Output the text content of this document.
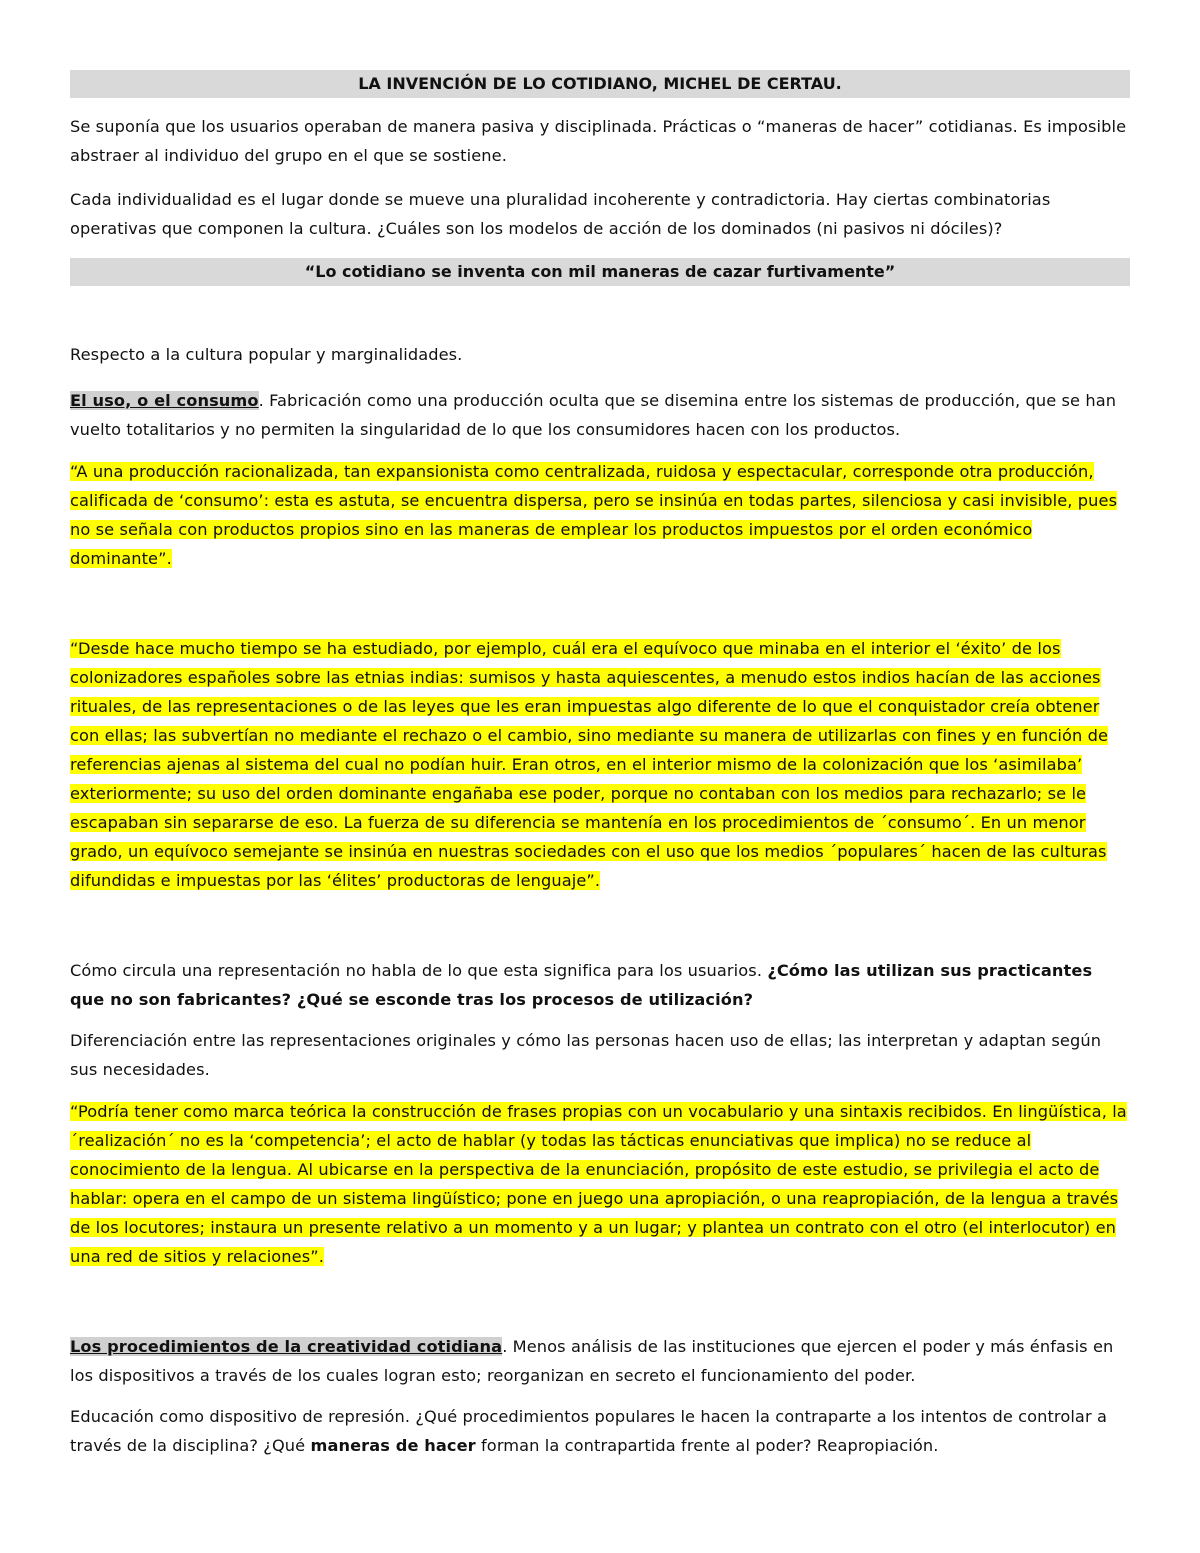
LA INVENCIÓN DE LO COTIDIANO, MICHEL DE CERTAU.

Se suponía que los usuarios operaban de manera pasiva y disciplinada. Prácticas o “maneras de hacer” cotidianas. Es imposible abstraer al individuo del grupo en el que se sostiene.

Cada individualidad es el lugar donde se mueve una pluralidad incoherente y contradictoria. Hay ciertas combinatorias operativas que componen la cultura. ¿Cuáles son los modelos de acción de los dominados (ni pasivos ni dóciles)?

“Lo cotidiano se inventa con mil maneras de cazar furtivamente”

Respecto a la cultura popular y marginalidades.

El uso, o el consumo. Fabricación como una producción oculta que se disemina entre los sistemas de producción, que se han vuelto totalitarios y no permiten la singularidad de lo que los consumidores hacen con los productos.

“A una producción racionalizada, tan expansionista como centralizada, ruidosa y espectacular, corresponde otra producción, calificada de ‘consumo’: esta es astuta, se encuentra dispersa, pero se insinúa en todas partes, silenciosa y casi invisible, pues no se señala con productos propios sino en las maneras de emplear los productos impuestos por el orden económico dominante”.

“Desde hace mucho tiempo se ha estudiado, por ejemplo, cuál era el equívoco que minaba en el interior el ‘éxito’ de los colonizadores españoles sobre las etnias indias: sumisos y hasta aquiescentes, a menudo estos indios hacían de las acciones rituales, de las representaciones o de las leyes que les eran impuestas algo diferente de lo que el conquistador creía obtener con ellas; las subvertían no mediante el rechazo o el cambio, sino mediante su manera de utilizarlas con fines y en función de referencias ajenas al sistema del cual no podían huir. Eran otros, en el interior mismo de la colonización que los ‘asimilaba’ exteriormente; su uso del orden dominante engañaba ese poder, porque no contaban con los medios para rechazarlo; se le escapaban sin separarse de eso. La fuerza de su diferencia se mantenía en los procedimientos de ´consumo´. En un menor grado, un equívoco semejante se insinúa en nuestras sociedades con el uso que los medios ´populares´ hacen de las culturas difundidas e impuestas por las ‘élites’ productoras de lenguaje”.

Cómo circula una representación no habla de lo que esta significa para los usuarios. ¿Cómo las utilizan sus practicantes que no son fabricantes? ¿Qué se esconde tras los procesos de utilización?

Diferenciación entre las representaciones originales y cómo las personas hacen uso de ellas; las interpretan y adaptan según sus necesidades.

“Podría tener como marca teórica la construcción de frases propias con un vocabulario y una sintaxis recibidos. En lingüística, la ´realización´ no es la ‘competencia’; el acto de hablar (y todas las tácticas enunciativas que implica) no se reduce al conocimiento de la lengua. Al ubicarse en la perspectiva de la enunciación, propósito de este estudio, se privilegia el acto de hablar: opera en el campo de un sistema lingüístico; pone en juego una apropiación, o una reapropiación, de la lengua a través de los locutores; instaura un presente relativo a un momento y a un lugar; y plantea un contrato con el otro (el interlocutor) en una red de sitios y relaciones”.

Los procedimientos de la creatividad cotidiana. Menos análisis de las instituciones que ejercen el poder y más énfasis en los dispositivos a través de los cuales logran esto; reorganizan en secreto el funcionamiento del poder.

Educación como dispositivo de represión. ¿Qué procedimientos populares le hacen la contraparte a los intentos de controlar a través de la disciplina? ¿Qué maneras de hacer forman la contrapartida frente al poder? Reapropiación.
